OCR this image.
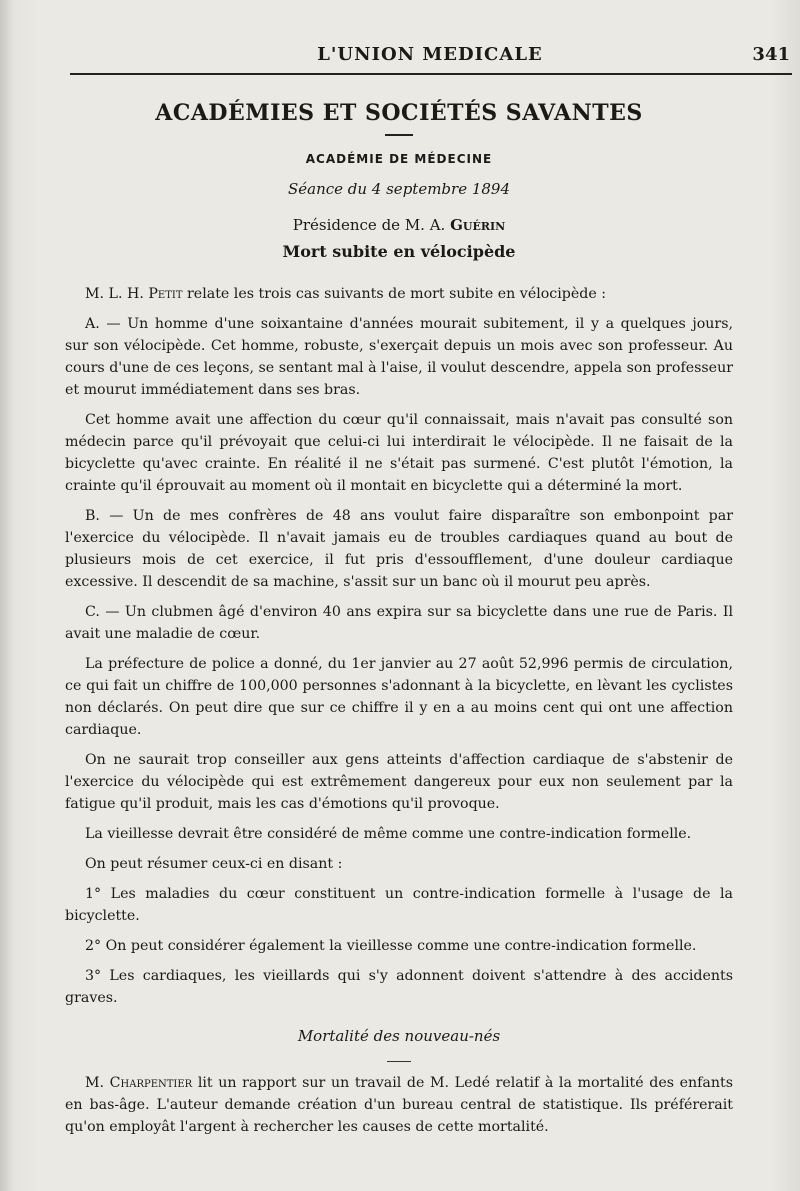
L'UNION MEDICALE	341
ACADÉMIES ET SOCIÉTÉS SAVANTES
ACADÉMIE DE MÉDECINE
Séance du 4 septembre 1894
Présidence de M. A. Guérin
Mort subite en vélocipède

M. L. H. Petit relate les trois cas suivants de mort subite en vélocipède :

A. — Un homme d'une soixantaine d'années mourait subitement, il y a quelques jours, sur son vélocipède. Cet homme, robuste, s'exerçait depuis un mois avec son professeur. Au cours d'une de ces leçons, se sentant mal à l'aise, il voulut descendre, appela son professeur et mourut immédiatement dans ses bras.

Cet homme avait une affection du cœur qu'il connaissait, mais n'avait pas consulté son médecin parce qu'il prévoyait que celui-ci lui interdirait le vélocipède. Il ne faisait de la bicyclette qu'avec crainte. En réalité il ne s'était pas surmené. C'est plutôt l'émotion, la crainte qu'il éprouvait au moment où il montait en bicyclette qui a déterminé la mort.

B. — Un de mes confrères de 48 ans voulut faire disparaître son embonpoint par l'exercice du vélocipède. Il n'avait jamais eu de troubles cardiaques quand au bout de plusieurs mois de cet exercice, il fut pris d'essoufflement, d'une douleur cardiaque excessive. Il descendit de sa machine, s'assit sur un banc où il mourut peu après.

C. — Un clubmen âgé d'environ 40 ans expira sur sa bicyclette dans une rue de Paris. Il avait une maladie de cœur.

La préfecture de police a donné, du 1er janvier au 27 août 52,996 permis de circulation, ce qui fait un chiffre de 100,000 personnes s'adonnant à la bicyclette, en lèvant les cyclistes non déclarés. On peut dire que sur ce chiffre il y en a au moins cent qui ont une affection cardiaque.

On ne saurait trop conseiller aux gens atteints d'affection cardiaque de s'abstenir de l'exercice du vélocipède qui est extrêmement dangereux pour eux non seulement par la fatigue qu'il produit, mais les cas d'émotions qu'il provoque.

La vieillesse devrait être considéré de même comme une contre-indication formelle.

On peut résumer ceux-ci en disant :

1° Les maladies du cœur constituent un contre-indication formelle à l'usage de la bicyclette.

2° On peut considérer également la vieillesse comme une contre-indication formelle.

3° Les cardiaques, les vieillards qui s'y adonnent doivent s'attendre à des accidents graves.

Mortalité des nouveau-nés

M. Charpentier lit un rapport sur un travail de M. Ledé relatif à la mortalité des enfants en bas-âge. L'auteur demande création d'un bureau central de statistique. Ils préférerait qu'on employât l'argent à rechercher les causes de cette mortalité.
